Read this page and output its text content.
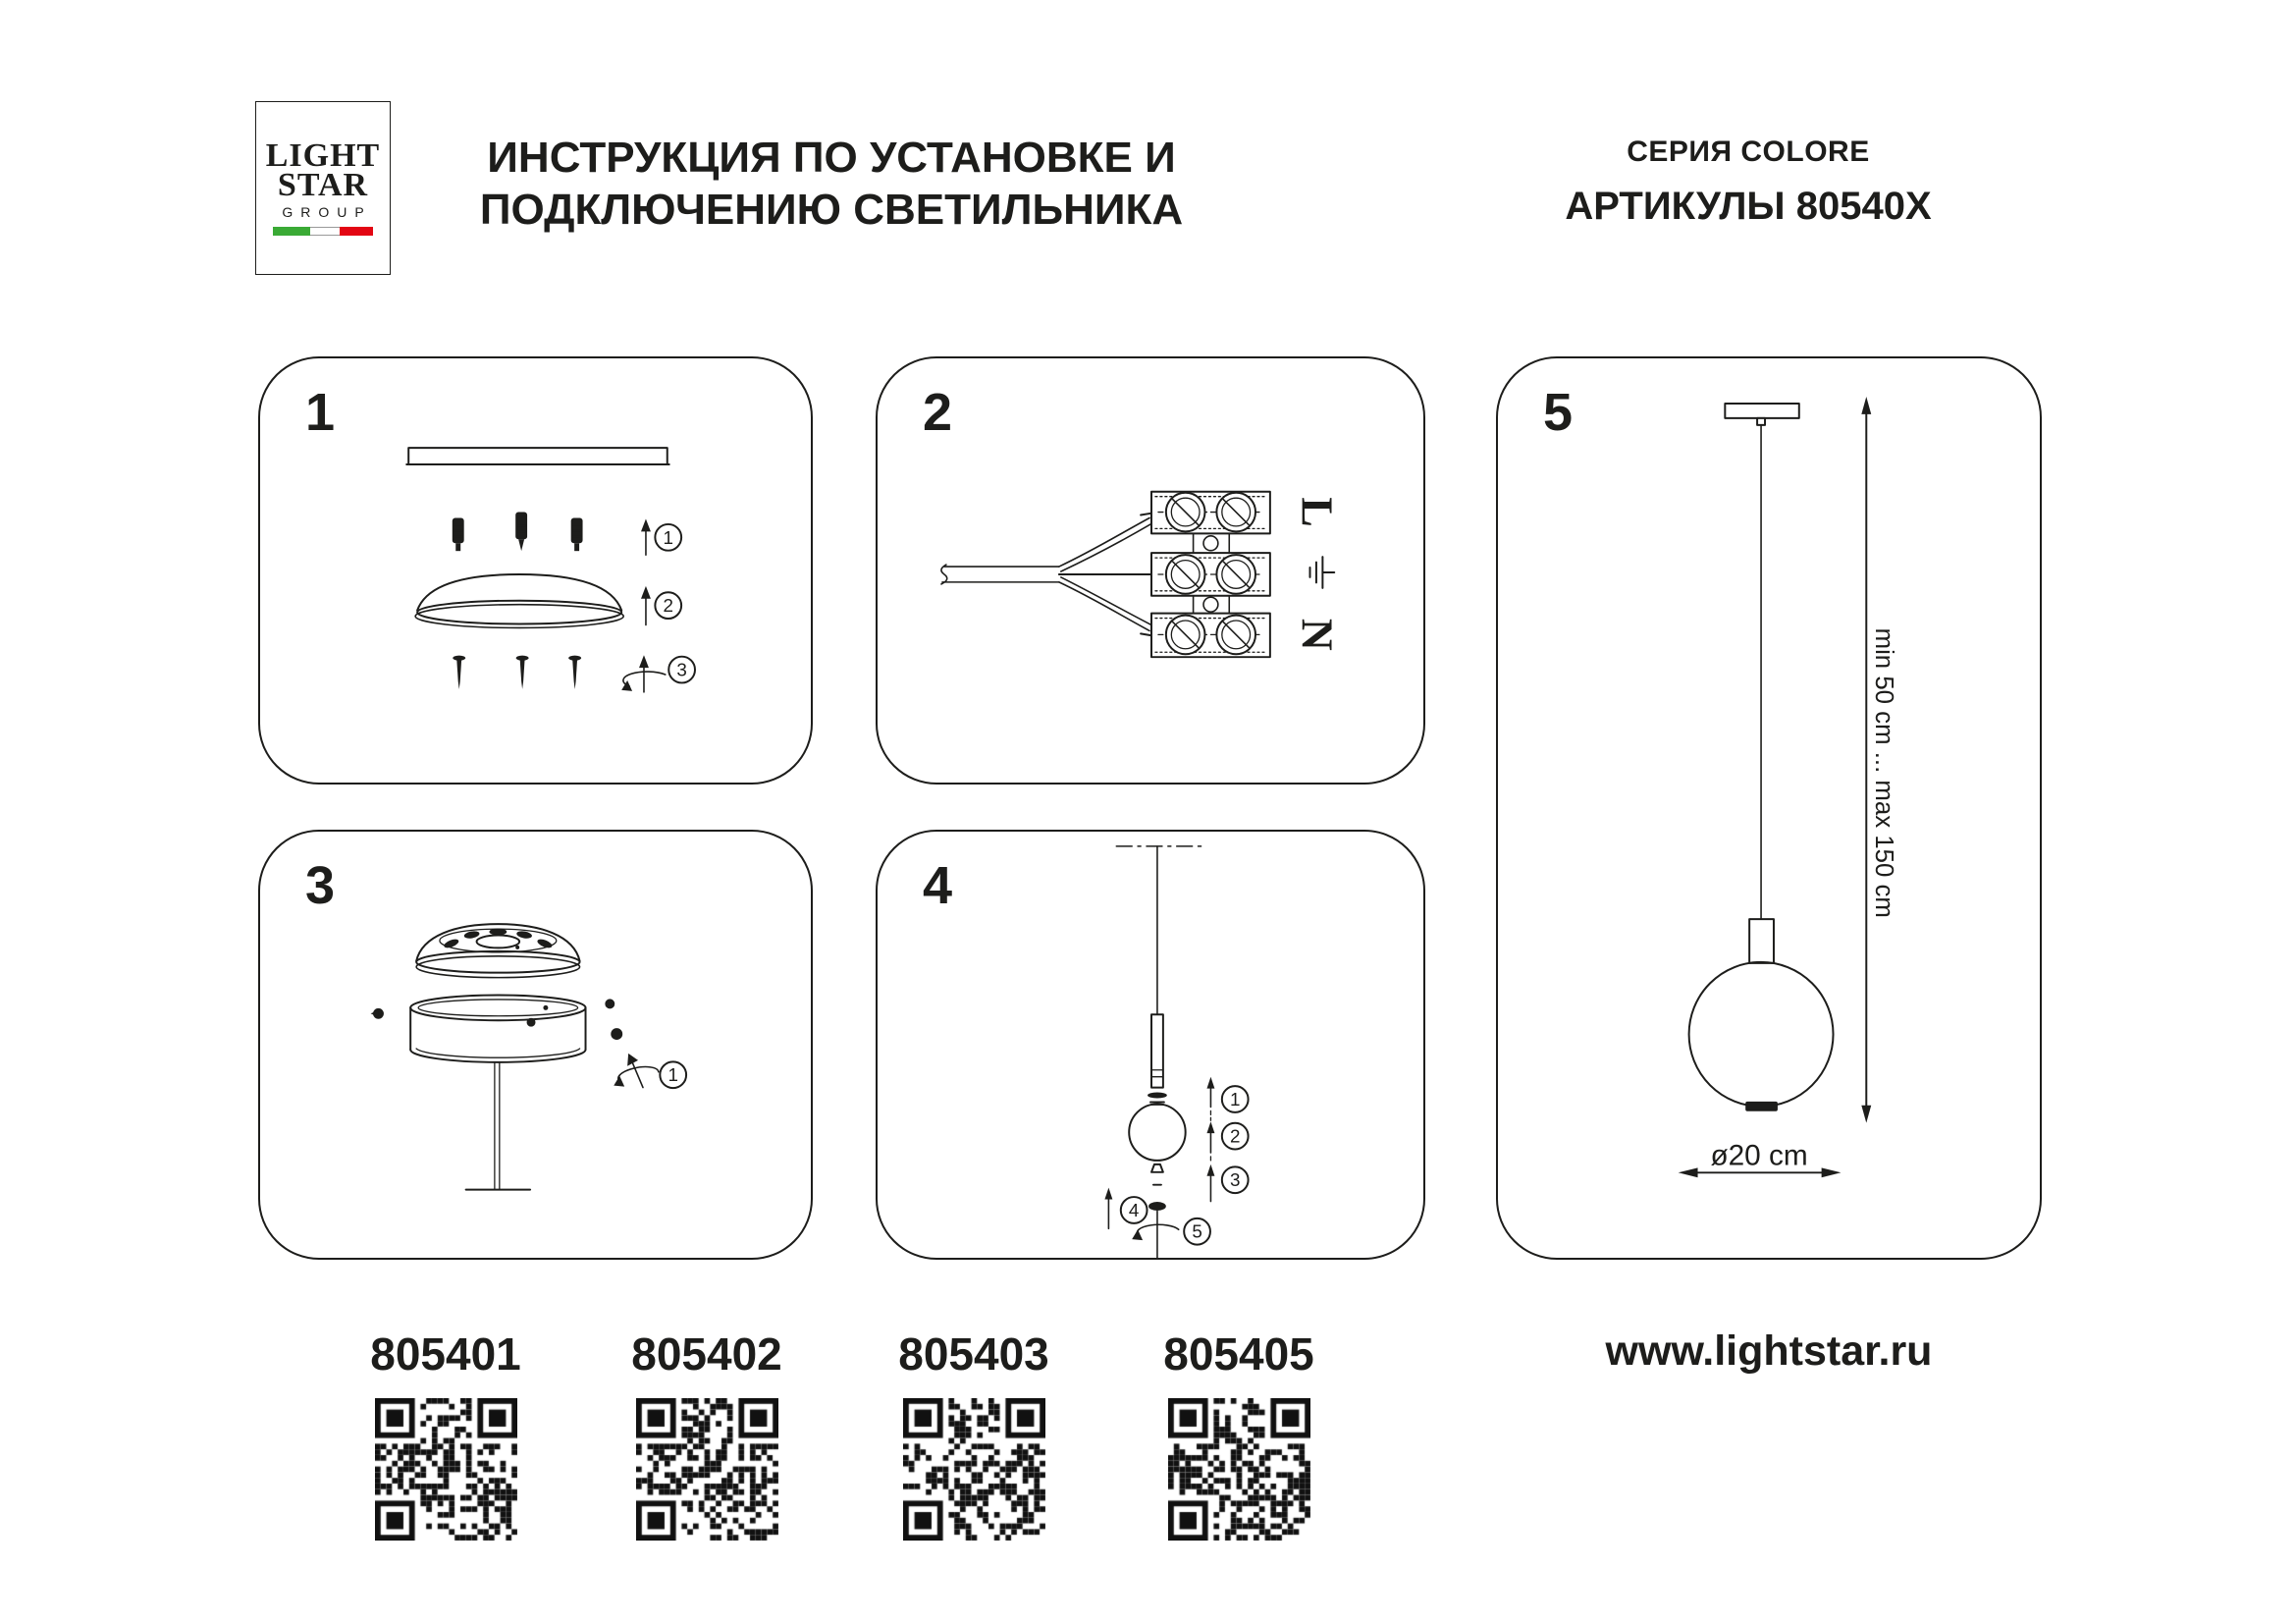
LIGHT
STAR
GROUP
ИНСТРУКЦИЯ ПО УСТАНОВКЕ И
ПОДКЛЮЧЕНИЮ СВЕТИЛЬНИКА
СЕРИЯ COLORE
АРТИКУЛЫ 80540X
1
2
3
1
L
N
2
1
3
1
2
3
4
5
4	min 50 cm ... max 150 cm
ø20 cm
5
805401	805402	805403	805405	www.lightstar.ru
